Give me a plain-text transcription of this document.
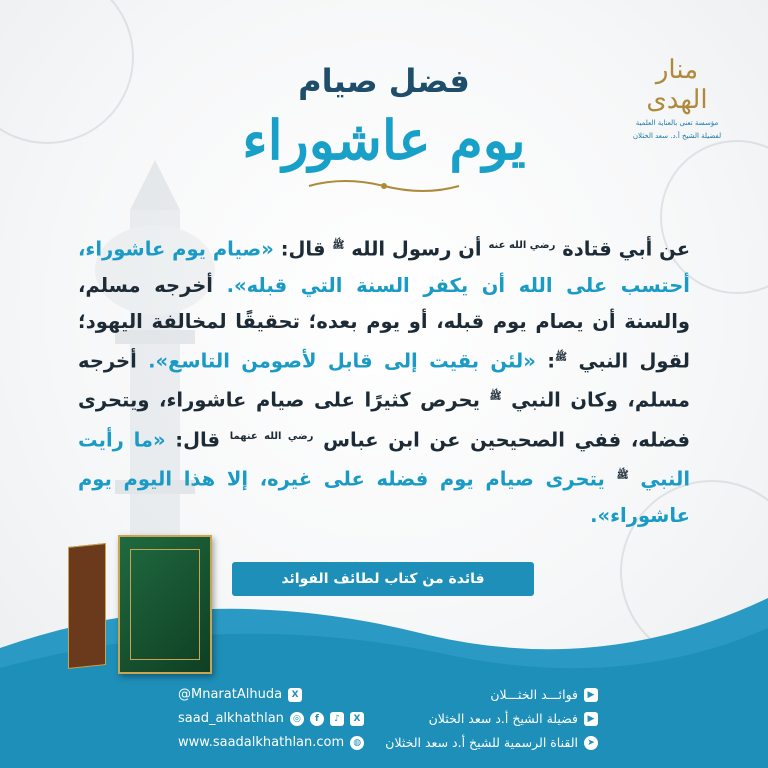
منار الهدى
مؤسسة تعنى بالعناية العلمية
لفضيلة الشيخ أ.د. سعد الخثلان
فضل صيام
يوم عاشوراء
عن أبي قتادة $^{رضي الله عنه}$ أن رسول الله $^ﷺ$ قال: «صيام يوم عاشوراء، أحتسب على الله أن يكفر السنة التي قبله». أخرجه مسلم، والسنة أن يصام يوم قبله، أو يوم بعده؛ تحقيقًا لمخالفة اليهود؛ لقول النبي $^ﷺ$: «لئن بقيت إلى قابل لأصومن التاسع». أخرجه مسلم، وكان النبي $^ﷺ$ يحرص كثيرًا على صيام عاشوراء، ويتحرى فضله، ففي الصحيحين عن ابن عباس $^{رضي الله عنهما}$ قال: «ما رأيت النبي $^ﷺ$ يتحرى صيام يوم فضله على غيره، إلا هذا اليوم يوم عاشوراء».
فائدة من كتاب لطائف الفوائد
@MnaratAlhuda	X
saad_alkhathlan	◎	f	♪	X
www.saadalkhathlan.com	◍
▶
فوائـــد الخثـــلان
▶
فضيلة الشيخ أ.د سعد الخثلان
➤
القناة الرسمية للشيخ أ.د سعد الخثلان
